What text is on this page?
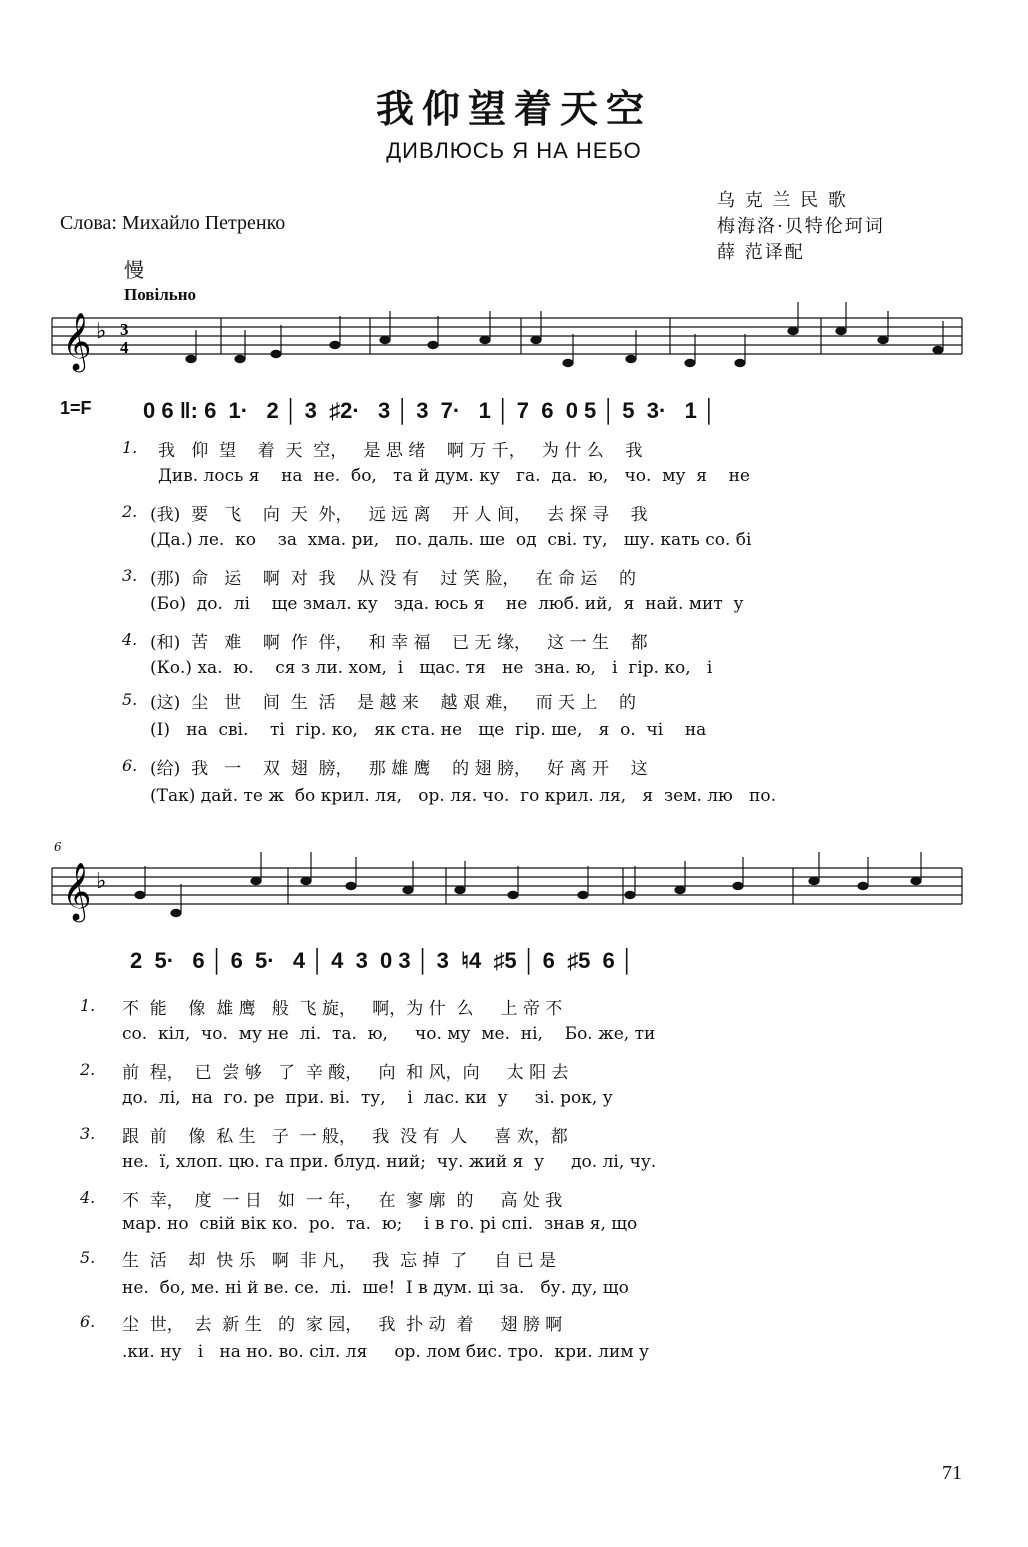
我仰望着天空
ДИВЛЮСЬ Я НА НЕБО
Слова: Михайло Петренко
乌 克 兰 民 歌
梅海洛·贝特伦珂词
薛 范译配
慢
Повільно
𝄞 ♭ 3
4
1=F 0 6 ‖: 6  1·   2 │ 3  ♯2·   3 │ 3  7·   1 │ 7  6  0 5 │ 5  3·   1 │
1. 我   仰  望    着  天  空，   是 思 绪    啊 万 千，   为 什 么    我
Див. лось я    на  не.  бо,   та й дум. ку   га.  да.  ю,   чо.  му  я    не
2. (我)  要   飞    向  天  外，   远 远 离    开 人 间，   去 探 寻    我
(Да.) ле.  ко    за  хма. ри,   по. даль. ше  од  сві. ту,   шу. кать со. бі
3. (那)  命   运    啊  对  我    从 没 有    过 笑 脸，   在 命 运    的
(Бо)  до.  лі    ще змал. ку   зда. юсь я    не  люб. ий,  я  най. мит  у
4. (和)  苦   难    啊  作  伴，   和 幸 福    已 无 缘，   这 一 生    都
(Ко.) ха.  ю.    ся з ли. хом,  і   щас. тя   не  зна. ю,   і  гір. ко,   і
5. (这)  尘   世    间  生  活    是 越 来    越 艰 难，   而 天 上    的
(І)   на  сві.    ті  гір. ко,   як ста. не   ще  гір. ше,   я  о.  чі    на
6. (给)  我   一    双  翅  膀，   那 雄 鹰    的 翅 膀，   好 离 开    这
(Так) дай. те ж  бо крил. ля,   ор. ля. чо.  го крил. ля,   я  зем. лю   по.
6
𝄞 ♭
2  5·   6 │ 6  5·   4 │ 4  3  0 3 │ 3  ♮4  ♯5 │ 6  ♯5  6 │
1. 不  能    像  雄 鹰   般  飞 旋，   啊，为 什  么     上 帝 不
со.  кіл,  чо.  му не  лі.  та.  ю,     чо. му  ме.  ні,    Бо. же, ти
2. 前  程，  已  尝 够   了  辛 酸，   向  和 风，向     太 阳 去
до.  лі,  на  го. ре  при. ві.  ту,    і  лас. ки  у     зі. рок, у
3. 跟  前    像  私 生   子  一 般，   我  没 有  人     喜 欢，都
не.  ї, хлоп. цю. га при. блуд. ний;  чу. жий я  у     до. лі, чу.
4. 不  幸，  度  一 日   如  一 年，   在  寥 廓  的     高 处 我
мар. но  свій вік ко.  ро.  та.  ю;    і в го. рі спі.  знав я, що
5. 生  活    却  快 乐   啊  非 凡，   我  忘 掉  了     自 已 是
не.  бо, ме. ні й ве. се.  лі.  ше!  І в дум. ці за.   бу. ду, що
6. 尘  世，  去  新 生   的  家 园，   我  扑 动  着     翅 膀 啊
.ки. ну   і   на но. во. сіл. ля     ор. лом бис. тро.  кри. лим у
71
